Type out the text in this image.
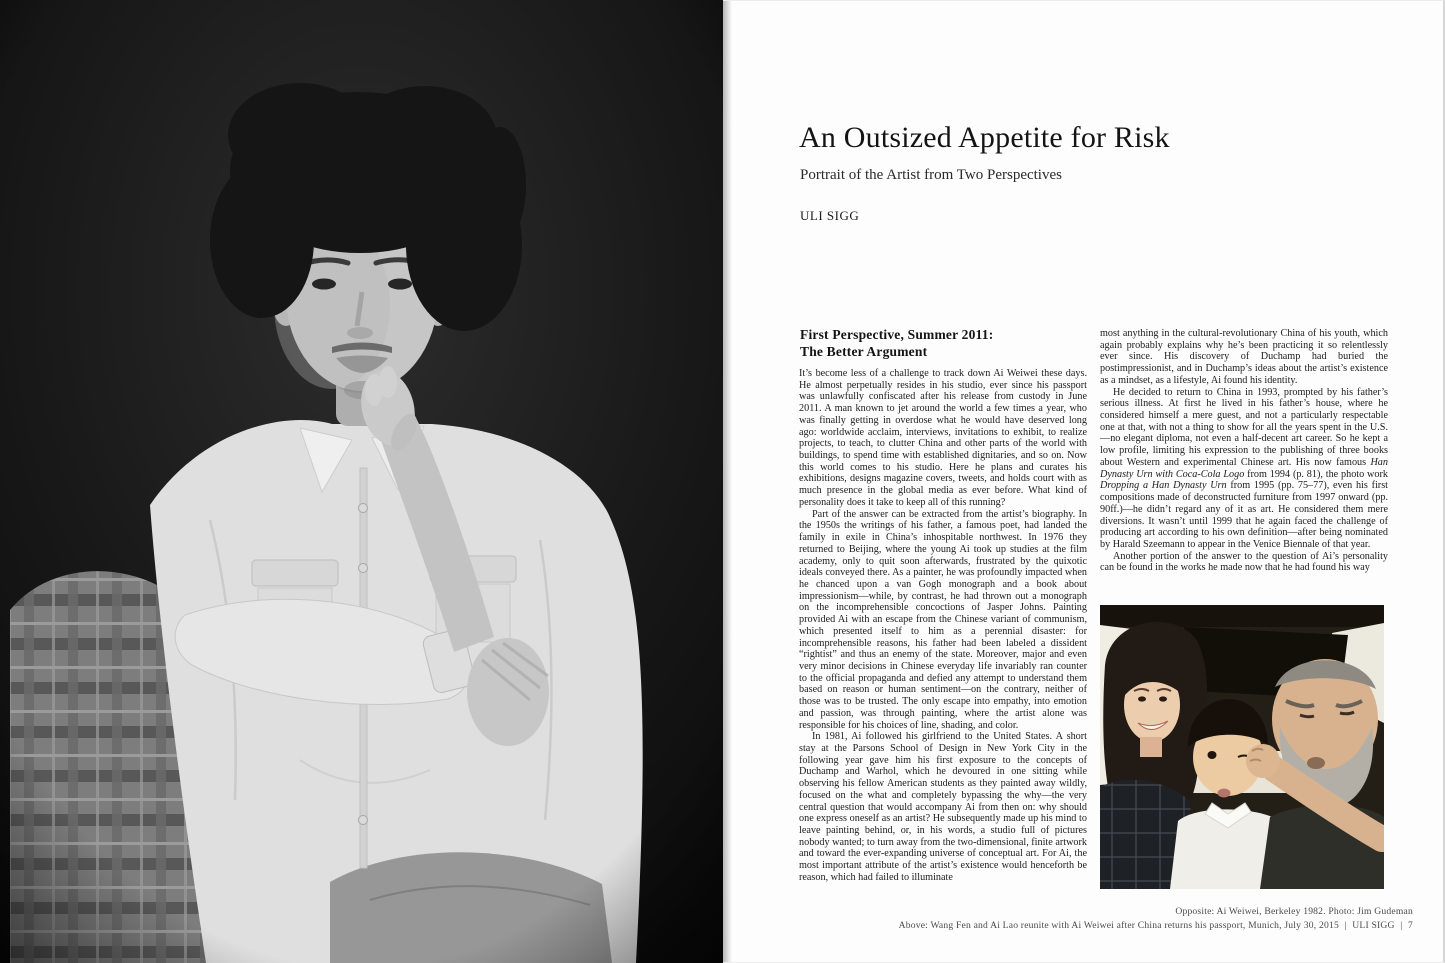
An Outsized Appetite for Risk
Portrait of the Artist from Two Perspectives
ULI SIGG
First Perspective, Summer 2011:
The Better Argument

It’s become less of a challenge to track down Ai Weiwei these days. He almost perpetually resides in his studio, ever since his passport was unlawfully confiscated after his release from custody in June 2011. A man known to jet around the world a few times a year, who was finally getting in overdose what he would have deserved long ago: worldwide acclaim, interviews, invitations to exhibit, to realize projects, to teach, to clutter China and other parts of the world with buildings, to spend time with established dignitaries, and so on. Now this world comes to his studio. Here he plans and curates his exhibitions, designs magazine covers, tweets, and holds court with as much presence in the global media as ever before. What kind of personality does it take to keep all of this running?

Part of the answer can be extracted from the artist’s biography. In the 1950s the writings of his father, a famous poet, had landed the family in exile in China’s inhospitable northwest. In 1976 they returned to Beijing, where the young Ai took up studies at the film academy, only to quit soon afterwards, frustrated by the quixotic ideals conveyed there. As a painter, he was profoundly impacted when he chanced upon a van Gogh monograph and a book about impressionism—while, by contrast, he had thrown out a monograph on the incomprehensible concoctions of Jasper Johns. Painting provided Ai with an escape from the Chinese variant of communism, which presented itself to him as a perennial disaster: for incomprehensible reasons, his father had been labeled a dissident “rightist” and thus an enemy of the state. Moreover, major and even very minor decisions in Chinese everyday life invariably ran counter to the official propaganda and defied any attempt to understand them based on reason or human sentiment—on the contrary, neither of those was to be trusted. The only escape into empathy, into emotion and passion, was through painting, where the artist alone was responsible for his choices of line, shading, and color.

In 1981, Ai followed his girlfriend to the United States. A short stay at the Parsons School of Design in New York City in the following year gave him his first exposure to the concepts of Duchamp and Warhol, which he devoured in one sitting while observing his fellow American students as they painted away wildly, focused on the what and completely bypassing the why—the very central question that would accompany Ai from then on: why should one express oneself as an artist? He subsequently made up his mind to leave painting behind, or, in his words, a studio full of pictures nobody wanted; to turn away from the two-dimensional, finite artwork and toward the ever-expanding universe of conceptual art. For Ai, the most important attribute of the artist’s existence would henceforth be reason, which had failed to illuminate

most anything in the cultural-revolutionary China of his youth, which again probably explains why he’s been practicing it so relentlessly ever since. His discovery of Duchamp had buried the postimpressionist, and in Duchamp’s ideas about the artist’s existence as a mindset, as a lifestyle, Ai found his identity.

He decided to return to China in 1993, prompted by his father’s serious illness. At first he lived in his father’s house, where he considered himself a mere guest, and not a particularly respectable one at that, with not a thing to show for all the years spent in the U.S.—no elegant diploma, not even a half-decent art career. So he kept a low profile, limiting his expression to the publishing of three books about Western and experimental Chinese art. His now famous Han Dynasty Urn with Coca-Cola Logo from 1994 (p. 81), the photo work Dropping a Han Dynasty Urn from 1995 (pp. 75–77), even his first compositions made of deconstructed furniture from 1997 onward (pp. 90ff.)—he didn’t regard any of it as art. He considered them mere diversions. It wasn’t until 1999 that he again faced the challenge of producing art according to his own definition—after being nominated by Harald Szeemann to appear in the Venice Biennale of that year.

Another portion of the answer to the question of Ai’s personality can be found in the works he made now that he had found his way

Opposite: Ai Weiwei, Berkeley 1982. Photo: Jim Gudeman
Above: Wang Fen and Ai Lao reunite with Ai Weiwei after China returns his passport, Munich, July 30, 2015 | ULI SIGG | 7
